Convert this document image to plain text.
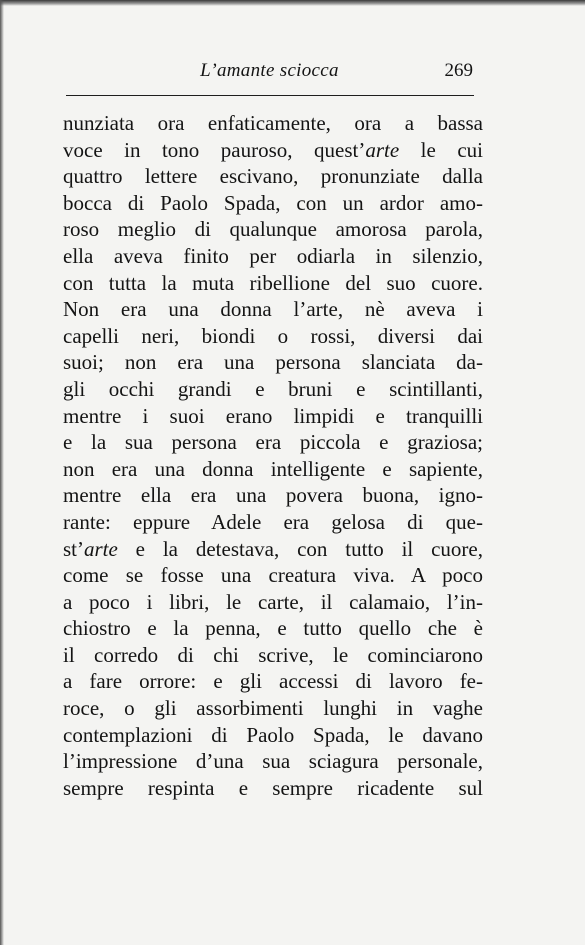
L’amante sciocca	269
nunziata ora enfaticamente, ora a bassa
voce in tono pauroso, quest’arte le cui
quattro lettere escivano, pronunziate dalla
bocca di Paolo Spada, con un ardor amo-
roso meglio di qualunque amorosa parola,
ella aveva finito per odiarla in silenzio,
con tutta la muta ribellione del suo cuore.
Non era una donna l’arte, nè aveva i
capelli neri, biondi o rossi, diversi dai
suoi; non era una persona slanciata da-
gli occhi grandi e bruni e scintillanti,
mentre i suoi erano limpidi e tranquilli
e la sua persona era piccola e graziosa;
non era una donna intelligente e sapiente,
mentre ella era una povera buona, igno-
rante: eppure Adele era gelosa di que-
st’arte e la detestava, con tutto il cuore,
come se fosse una creatura viva. A poco
a poco i libri, le carte, il calamaio, l’in-
chiostro e la penna, e tutto quello che è
il corredo di chi scrive, le cominciarono
a fare orrore: e gli accessi di lavoro fe-
roce, o gli assorbimenti lunghi in vaghe
contemplazioni di Paolo Spada, le davano
l’impressione d’una sua sciagura personale,
sempre respinta e sempre ricadente sul
